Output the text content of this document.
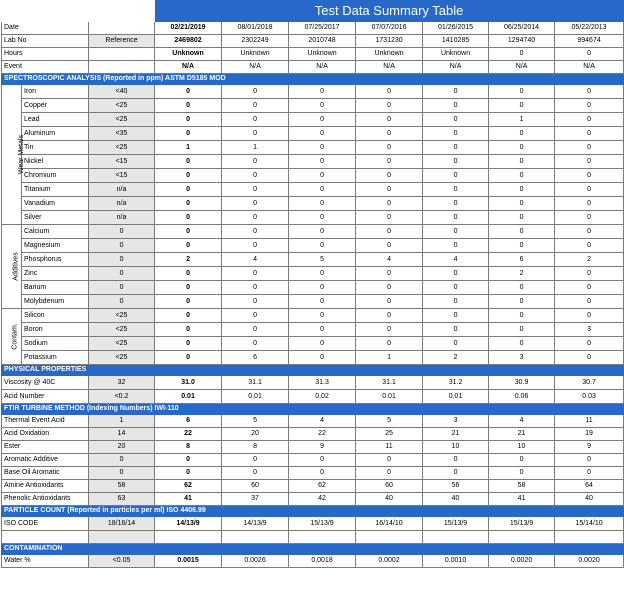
			Test Data Summary Table						
Date			02/21/2019	08/01/2018	07/25/2017	07/07/2016	01/26/2015	06/25/2014	05/22/2013
Lab No		Reference	2469802	2302249	2010748	1731230	1410285	1294740	994674
Hours			Unknown	Unknown	Unknown	Unknown	Unknown	0	0
Event			N/A	N/A	N/A	N/A	N/A	N/A	N/A
SPECTROSCOPIC ANALYSIS (Reported in ppm) ASTM D5185 MOD									
Wear Metals	Iron	<40	0	0	0	0	0	0	0
	Copper	<25	0	0	0	0	0	0	0
	Lead	<25	0	0	0	0	0	1	0
	Aluminum	<35	0	0	0	0	0	0	0
	Tin	<25	1	1	0	0	0	0	0
	Nickel	<15	0	0	0	0	0	0	0
	Chromium	<15	0	0	0	0	0	0	0
	Titanium	n/a	0	0	0	0	0	0	0
	Vanadium	n/a	0	0	0	0	0	0	0
	Silver	n/a	0	0	0	0	0	0	0
Additives	Calcium	0	0	0	0	0	0	0	0
	Magnesium	0	0	0	0	0	0	0	0
	Phosphorus	0	2	4	5	4	4	6	2
	Zinc	0	0	0	0	0	0	2	0
	Barium	0	0	0	0	0	0	0	0
	Molybdenum	0	0	0	0	0	0	0	0
Contam.	Silicon	<25	0	0	0	0	0	0	0
	Boron	<25	0	0	0	0	0	0	3
	Sodium	<25	0	0	0	0	0	0	0
	Potassium	<25	0	6	0	1	2	3	0
PHYSICAL PROPERTIES									
Viscosity @ 40C		32	31.0	31.1	31.3	31.1	31.2	30.9	30.7
Acid Number		<0.2	0.01	0.01	0.02	0.01	0.01	0.06	0.03
FTIR TURBINE METHOD (Indexing Numbers) IWI-110									
Thermal Event Acid		1	6	5	4	5	3	4	11
Acid Oxidation		14	22	20	22	25	21	21	19
Ester		20	8	8	9	11	10	10	9
Aromatic Additive		0	0	0	0	0	0	0	0
Base Oil Aromatic		0	0	0	0	0	0	0	0
Amine Antioxidants		58	62	60	62	60	56	58	64
Phenolic Antioxidants		63	41	37	42	40	40	41	40
PARTICLE COUNT (Reported in particles per ml) ISO 4406.99									
ISO CODE		18/16/14	14/13/9	14/13/9	15/13/9	16/14/10	15/13/9	15/13/9	15/14/10

CONTAMINATION									
Water %		<0.05	0.0015	0.0026	0.0018	0.0002	0.0010	0.0020	0.0020
